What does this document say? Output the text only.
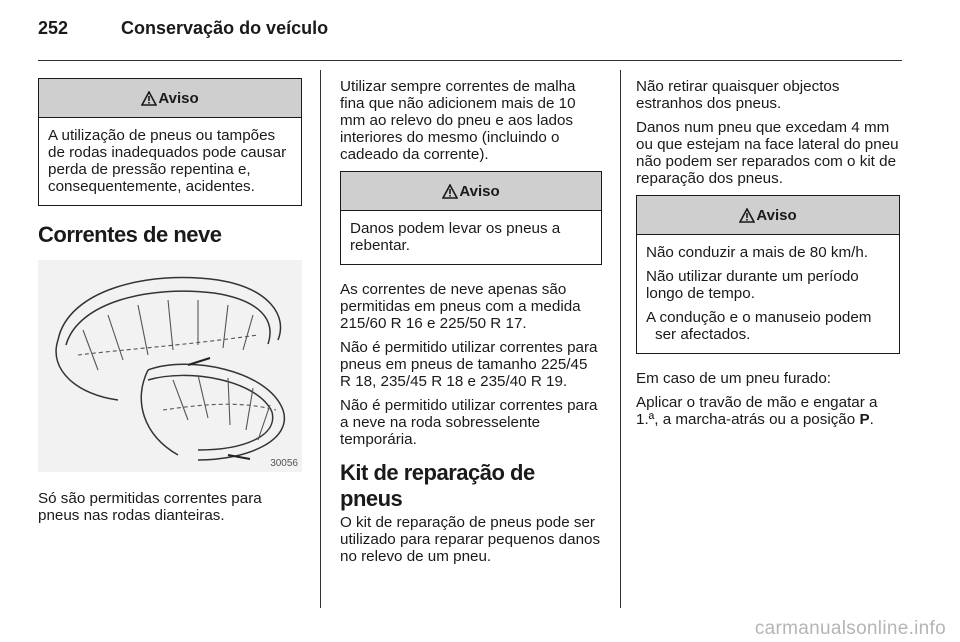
252	Conservação do veículo
Aviso

A utilização de pneus ou tampões de rodas inadequados pode causar perda de pressão repentina e, consequentemente, acidentes.

Correntes de neve
30056

Só são permitidas correntes para pneus nas rodas dianteiras.

Utilizar sempre correntes de malha fina que não adicionem mais de 10 mm ao relevo do pneu e aos lados interiores do mesmo (incluindo o cadeado da corrente).

Aviso

Danos podem levar os pneus a rebentar.

As correntes de neve apenas são permitidas em pneus com a medida 215/60 R 16 e 225/50 R 17.

Não é permitido utilizar correntes para pneus em pneus de tamanho 225/45 R 18, 235/45 R 18 e 235/40 R 19.

Não é permitido utilizar correntes para a neve na roda sobresselente temporária.

Kit de reparação de pneus

O kit de reparação de pneus pode ser utilizado para reparar pequenos danos no relevo de um pneu.

Não retirar quaisquer objectos estranhos dos pneus.

Danos num pneu que excedam 4 mm ou que estejam na face lateral do pneu não podem ser reparados com o kit de reparação dos pneus.

Aviso

Não conduzir a mais de 80 km/h.

Não utilizar durante um período longo de tempo.

A condução e o manuseio podem ser afectados.

Em caso de um pneu furado:

Aplicar o travão de mão e engatar a 1.ª, a marcha-atrás ou a posição P.

carmanualsonline.info
